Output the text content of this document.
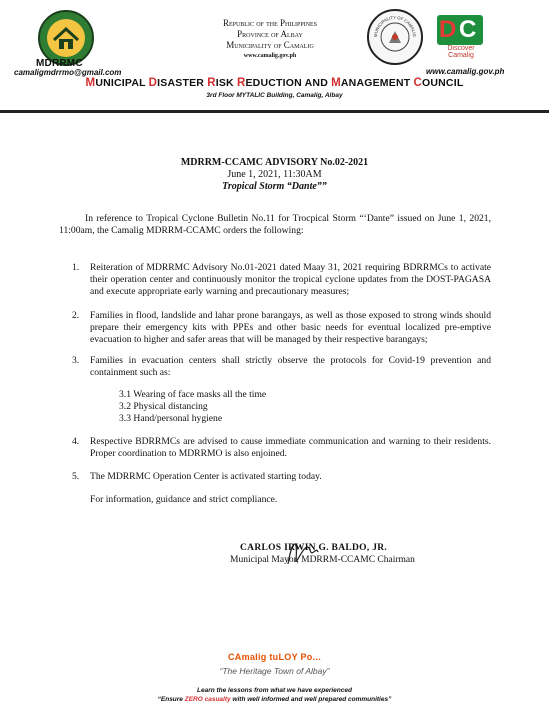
MDRRMC
camaligmdrrmo@gmail.com
Republic of the Philippines
Province of Albay
Municipality of Camalig
www.camalig.gov.ph
MUNICIPALITY OF CAMALIG D C
Discover
Camalig
www.camalig.gov.ph
MUNICIPAL DISASTER RISK REDUCTION AND MANAGEMENT COUNCIL
3rd Floor MYTALIC Building, Camalig, Albay
MDRRM-CCAMC ADVISORY No.02-2021
June 1, 2021, 11:30AM
Tropical Storm “Dante””
In reference to Tropical Cyclone Bulletin No.11 for Trocpical Storm “‘Dante” issued on June 1, 2021, 11:00am, the Camalig MDRRM-CCAMC orders the following:
1. Reiteration of MDRRMC Advisory No.01-2021 dated Maay 31, 2021 requiring BDRRMCs to activate their operation center and continuously monitor the tropical cyclone updates from the DOST-PAGASA and execute appropriate early warning and precautionary measures;
2. Families in flood, landslide and lahar prone barangays, as well as those exposed to strong winds should prepare their emergency kits with PPEs and other basic needs for eventual localized pre-emptive evacuation to higher and safer areas that will be managed by their respective barangays;
3. Families in evacuation centers shall strictly observe the protocols for Covid-19 prevention and containment such as:
3.1 Wearing of face masks all the time
3.2 Physical distancing
3.3 Hand/personal hygiene
4. Respective BDRRMCs are advised to cause immediate communication and warning to their residents. Proper coordination to MDRRMO is also enjoined.
5. The MDRRMC Operation Center is activated starting today.
For information, guidance and strict compliance.
CARLOS IRWIN G. BALDO, JR.
Municipal Mayor, MDRRM-CCAMC Chairman
CAmalig tuLOY Po...
“The Heritage Town of Albay”
Learn the lessons from what we have experienced
“Ensure ZERO casualty with well informed and well prepared communities”
